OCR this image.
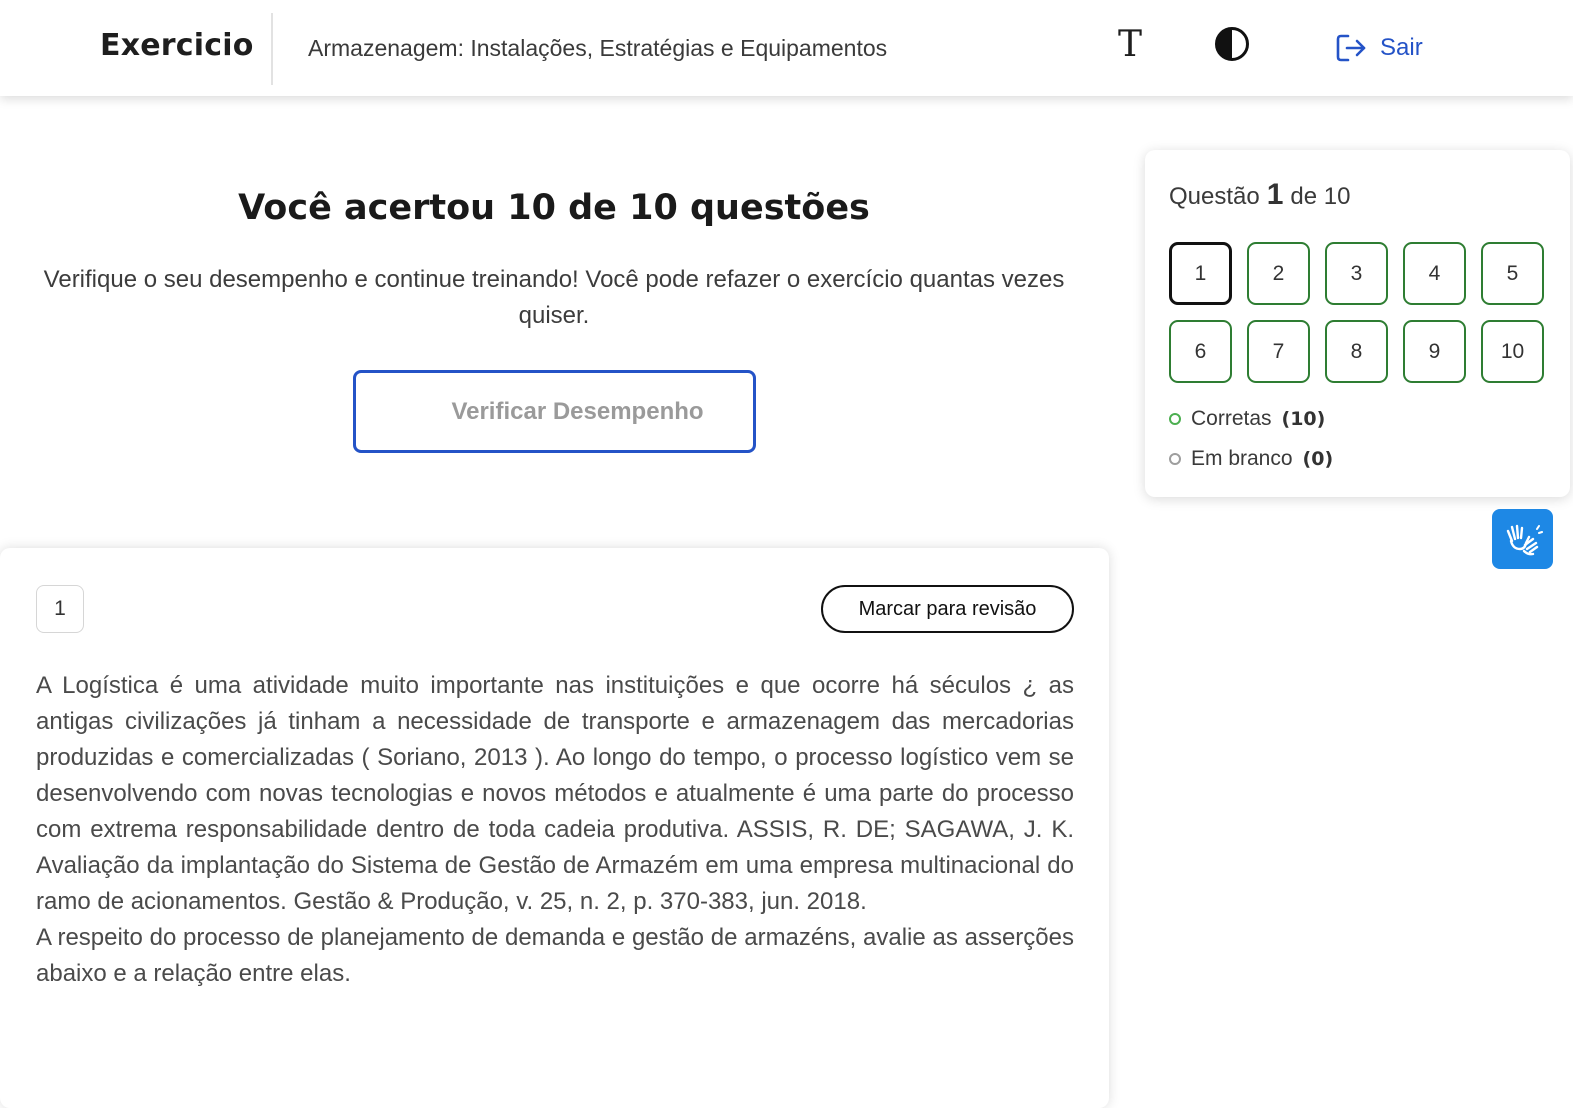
Exercicio Armazenagem: Instalações, Estratégias e Equipamentos	T	Sair
Você acertou 10 de 10 questões
Verifique o seu desempenho e continue treinando! Você pode refazer o exercício quantas vezes quiser.
Verificar Desempenho
1	Marcar para revisão

A Logística é uma atividade muito importante nas instituições e que ocorre há séculos ¿ as antigas civilizações já tinham a necessidade de transporte e armazenagem das mercadorias produzidas e comercializadas ( Soriano, 2013 ). Ao longo do tempo, o processo logístico vem se desenvolvendo com novas tecnologias e novos métodos e atualmente é uma parte do processo com extrema responsabilidade dentro de toda cadeia produtiva. ASSIS, R. DE; SAGAWA, J. K. Avaliação da implantação do Sistema de Gestão de Armazém em uma empresa multinacional do ramo de acionamentos. Gestão & Produção, v. 25, n. 2, p. 370-383, jun. 2018.

A respeito do processo de planejamento de demanda e gestão de armazéns, avalie as asserções abaixo e a relação entre elas.

Questão 1 de 10
1	2	3	4	5
6	7	8	9	10
Corretas (10)
Em branco (0)
